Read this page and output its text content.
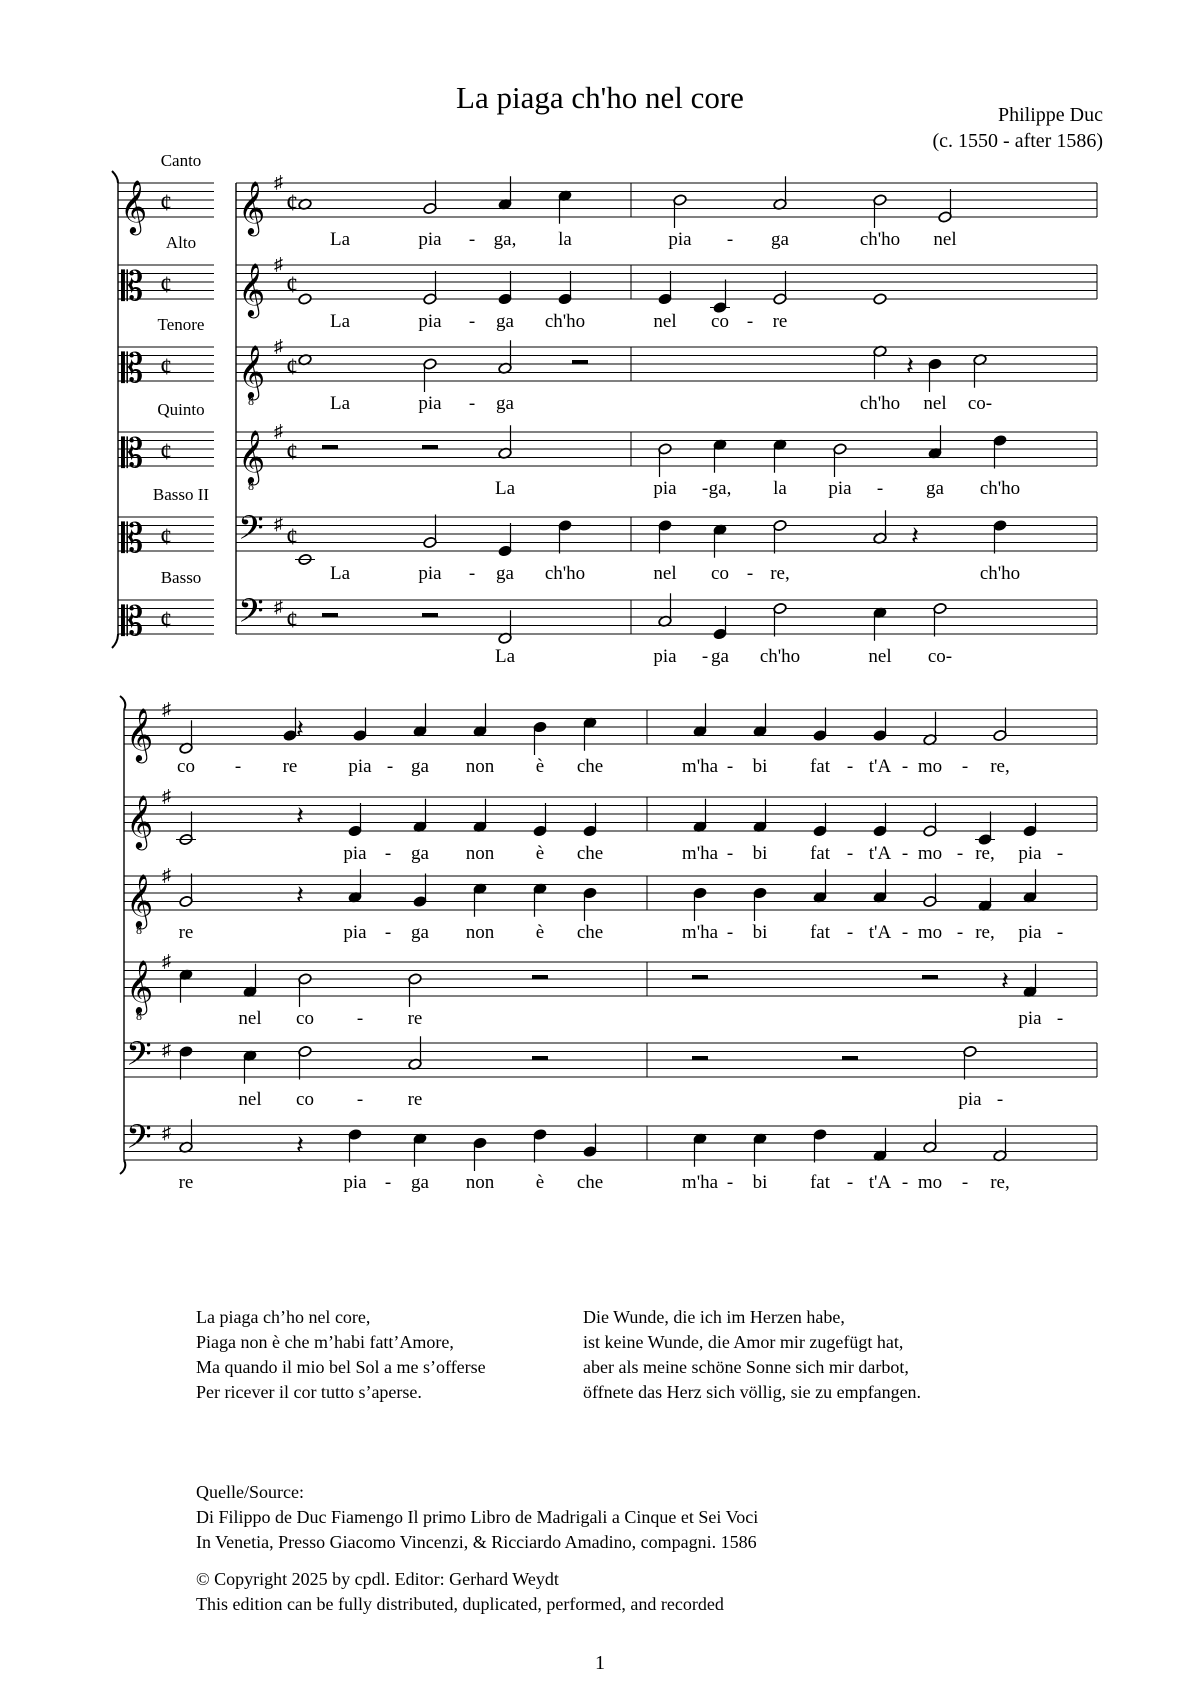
La piaga ch'ho nel core	Philippe Duc
(c. 1550 - after 1586)
Canto
𝄞 ¢
Alto
𝄡 ¢
Tenore
𝄡 ¢
Quinto
𝄡 ¢
Basso II
𝄡 ¢
Basso
𝄡 ¢
𝄞 ♯
¢
𝄞 ♯
¢
𝄞 ♯
8
¢
𝄞 ♯
8
¢
𝄢 ♯
¢
𝄢 ♯
¢
𝄞 ♯
𝄞 ♯
𝄞 ♯
8
𝄞 ♯
8
𝄢 ♯
𝄢 ♯
𝄽
𝄽
𝄽
𝄽
𝄽
𝄽
𝄽
La	pia - ga, la	pia - ga	ch'ho nel
La	pia - ga ch'ho	nel co - re
La	pia - ga	ch'ho nel co-
La	pia - ga, la pia - ga ch'ho
La	pia - ga ch'ho	nel co - re,	ch'ho
La	pia - ga ch'ho	nel co-
co - re	pia - ga non è che	m'ha - bi fat - t'A - mo - re,
pia - ga non è che	m'ha - bi fat - t'A - mo - re, pia -
re	pia - ga non è che	m'ha - bi fat - t'A - mo - re, pia -
nel co - re	pia -
nel co - re	pia -
re	pia - ga non è che	m'ha - bi fat - t'A - mo - re,
La piaga ch’ho nel core,
Piaga non è che m’habi fatt’Amore,
Ma quando il mio bel Sol a me s’offerse
Per ricever il cor tutto s’aperse.
Die Wunde, die ich im Herzen habe,
ist keine Wunde, die Amor mir zugefügt hat,
aber als meine schöne Sonne sich mir darbot,
öffnete das Herz sich völlig, sie zu empfangen.
Quelle/Source:
Di Filippo de Duc Fiamengo Il primo Libro de Madrigali a Cinque et Sei Voci
In Venetia, Presso Giacomo Vincenzi, & Ricciardo Amadino, compagni. 1586
© Copyright 2025 by cpdl. Editor: Gerhard Weydt
This edition can be fully distributed, duplicated, performed, and recorded
1
